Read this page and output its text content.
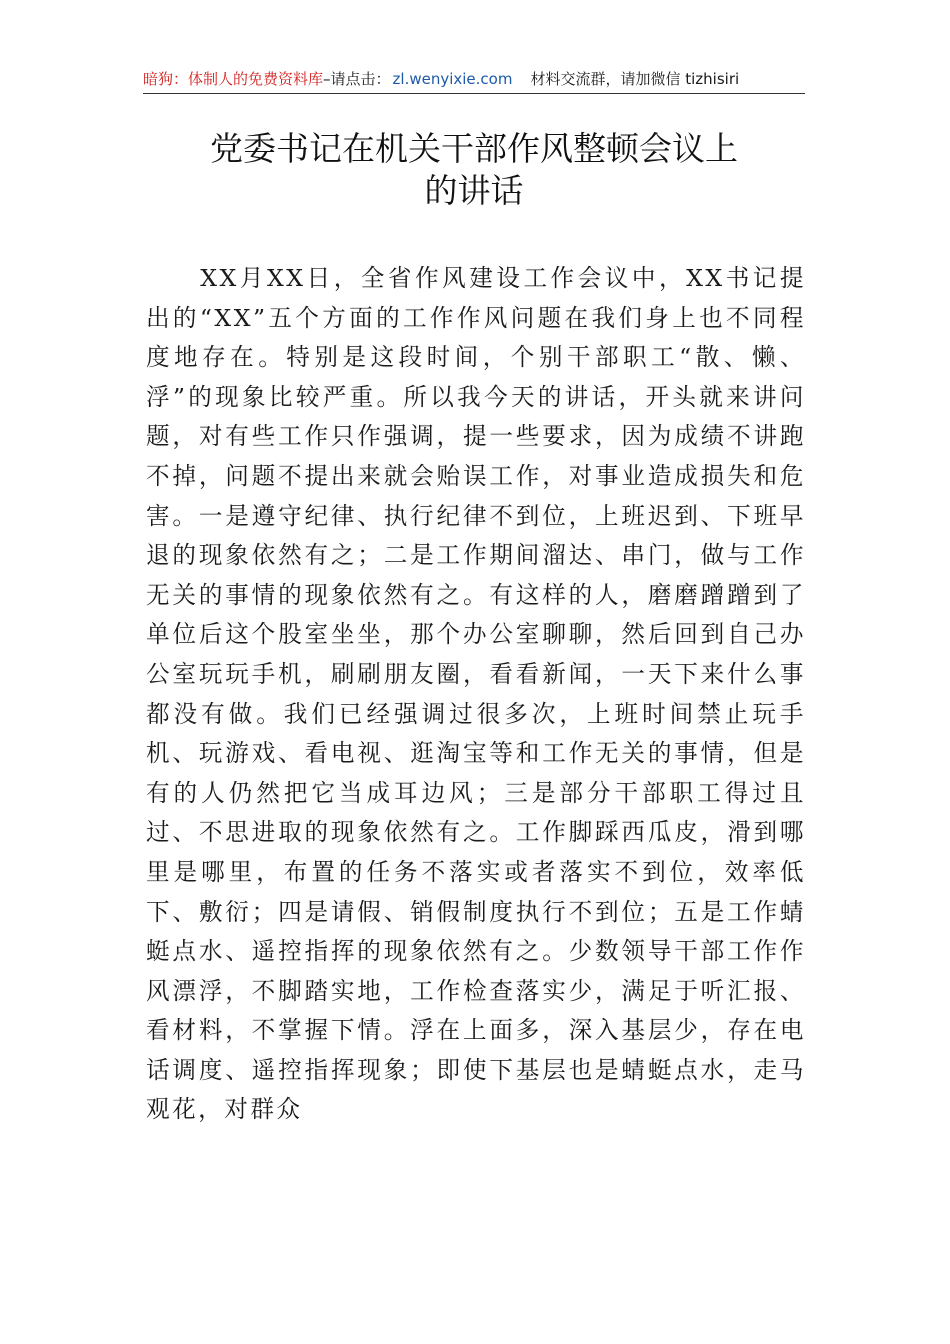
暗狗：体制人的免费资料库 –请点击： zl.wenyixie.com 材料交流群，请加微信 tizhisiri
党委书记在机关干部作风整顿会议上
的讲话

XX月XX日，全省作风建设工作会议中，XX书记提出的“XX”五个方面的工作作风问题在我们身上也不同程度地存在。特别是这段时间，个别干部职工“散、懒、浮”的现象比较严重。所以我今天的讲话，开头就来讲问题，对有些工作只作强调，提一些要求，因为成绩不讲跑不掉，问题不提出来就会贻误工作，对事业造成损失和危害。一是遵守纪律、执行纪律不到位，上班迟到、下班早退的现象依然有之；二是工作期间溜达、串门，做与工作无关的事情的现象依然有之。有这样的人，磨磨蹭蹭到了单位后这个股室坐坐，那个办公室聊聊，然后回到自己办公室玩玩手机，刷刷朋友圈，看看新闻，一天下来什么事都没有做。我们已经强调过很多次，上班时间禁止玩手机、玩游戏、看电视、逛淘宝等和工作无关的事情，但是有的人仍然把它当成耳边风；三是部分干部职工得过且过、不思进取的现象依然有之。工作脚踩西瓜皮，滑到哪里是哪里，布置的任务不落实或者落实不到位，效率低下、敷衍；四是请假、销假制度执行不到位；五是工作蜻蜓点水、遥控指挥的现象依然有之。少数领导干部工作作风漂浮，不脚踏实地，工作检查落实少，满足于听汇报、看材料，不掌握下情。浮在上面多，深入基层少，存在电话调度、遥控指挥现象；即使下基层也是蜻蜓点水，走马观花，对群众
